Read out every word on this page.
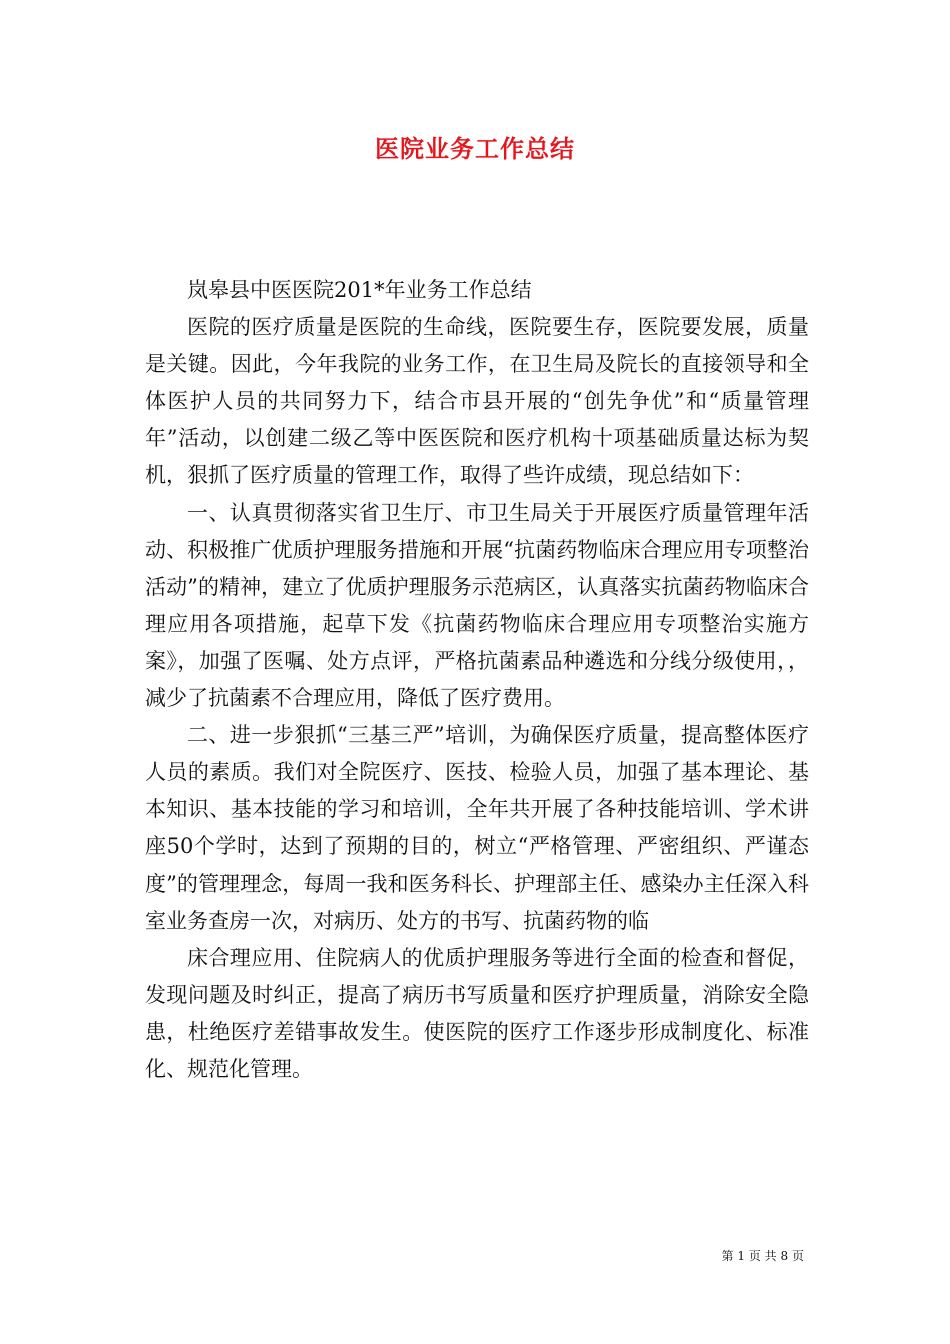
医院业务工作总结

岚皋县中医医院201*年业务工作总结

医院的医疗质量是医院的生命线，医院要生存，医院要发展，质量是关键。因此，今年我院的业务工作，在卫生局及院长的直接领导和全体医护人员的共同努力下，结合市县开展的“创先争优”和“质量管理年”活动，以创建二级乙等中医医院和医疗机构十项基础质量达标为契机，狠抓了医疗质量的管理工作，取得了些许成绩，现总结如下：

一、认真贯彻落实省卫生厅、市卫生局关于开展医疗质量管理年活动、积极推广优质护理服务措施和开展“抗菌药物临床合理应用专项整治活动”的精神，建立了优质护理服务示范病区，认真落实抗菌药物临床合理应用各项措施，起草下发《抗菌药物临床合理应用专项整治实施方案》，加强了医嘱、处方点评，严格抗菌素品种遴选和分线分级使用，，减少了抗菌素不合理应用，降低了医疗费用。

二、进一步狠抓“三基三严”培训，为确保医疗质量，提高整体医疗人员的素质。我们对全院医疗、医技、检验人员，加强了基本理论、基本知识、基本技能的学习和培训，全年共开展了各种技能培训、学术讲座50个学时，达到了预期的目的，树立“严格管理、严密组织、严谨态度”的管理理念，每周一我和医务科长、护理部主任、感染办主任深入科室业务查房一次，对病历、处方的书写、抗菌药物的临

床合理应用、住院病人的优质护理服务等进行全面的检查和督促，发现问题及时纠正，提高了病历书写质量和医疗护理质量，消除安全隐患，杜绝医疗差错事故发生。使医院的医疗工作逐步形成制度化、标准化、规范化管理。

第 1 页 共 8 页
